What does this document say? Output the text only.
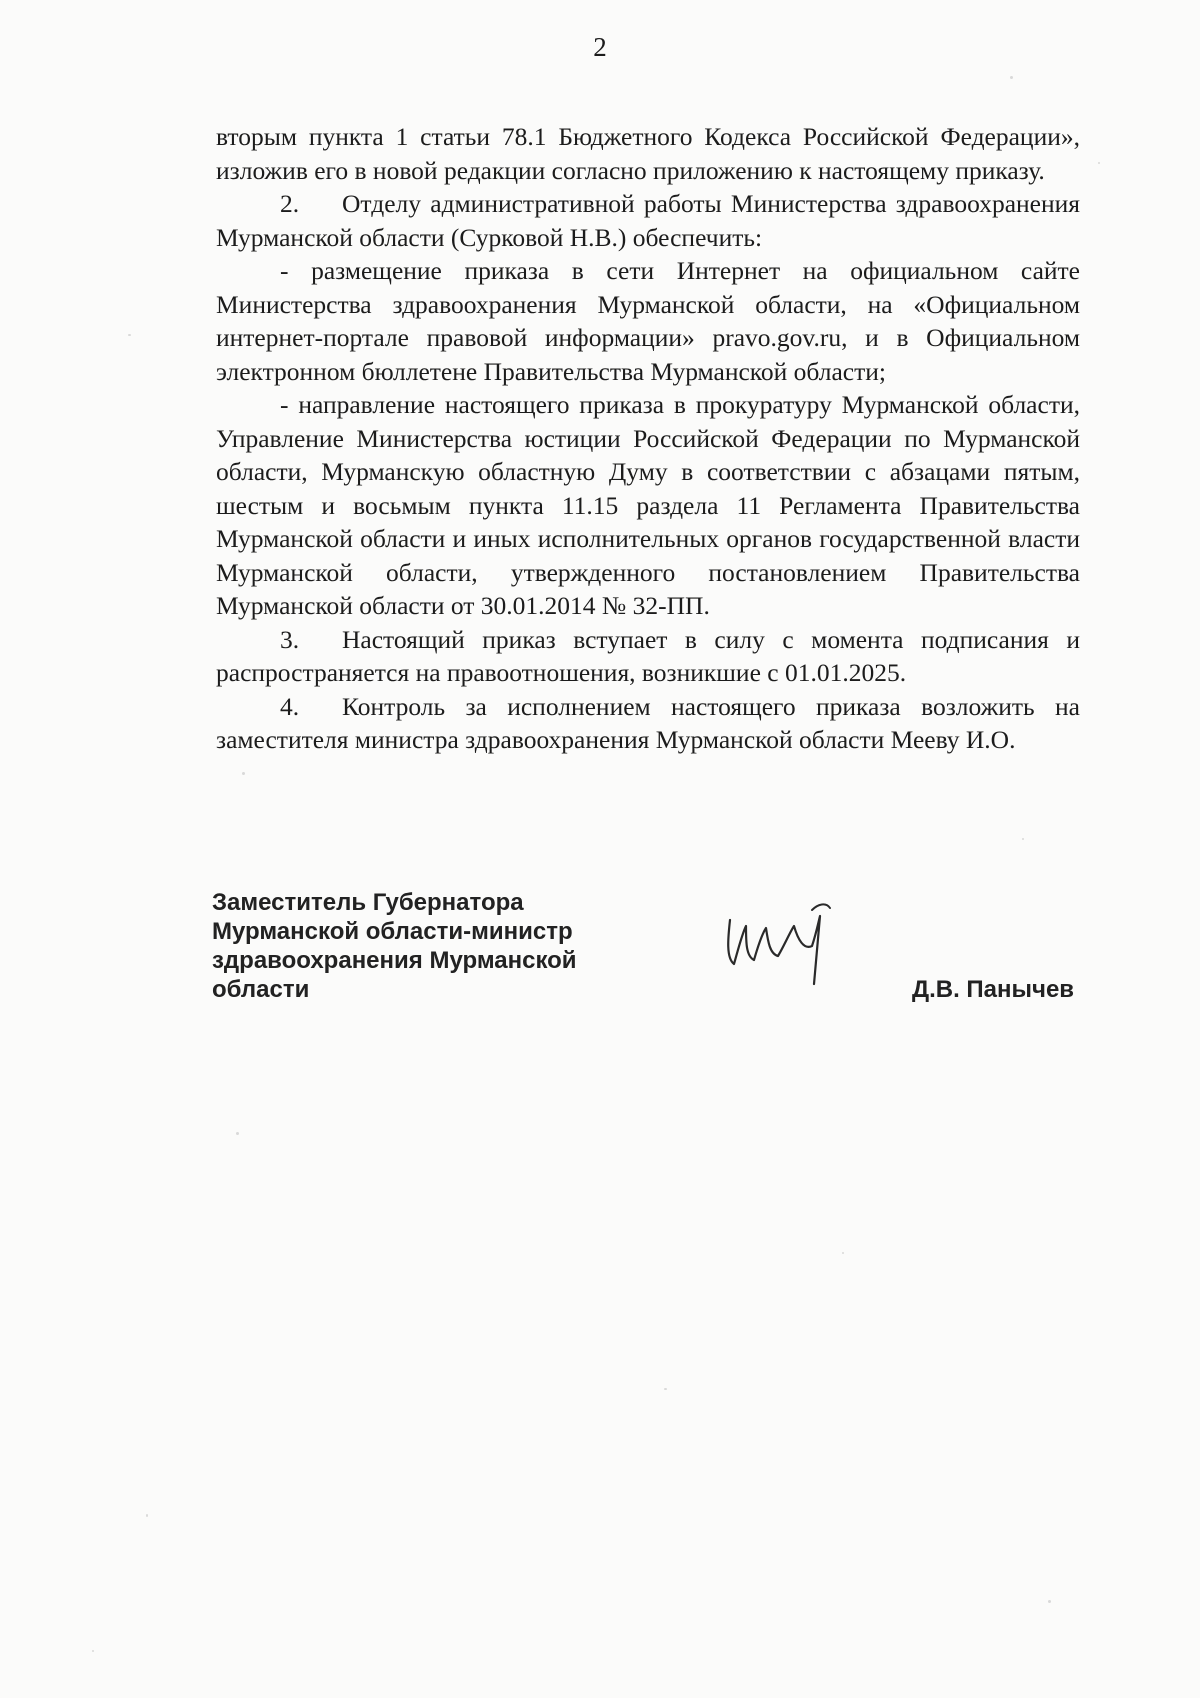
2

вторым пункта 1 статьи 78.1 Бюджетного Кодекса Российской Федерации», изложив его в новой редакции согласно приложению к настоящему приказу.

2. Отделу административной работы Министерства здравоохранения Мурманской области (Сурковой Н.В.) обеспечить:

- размещение приказа в сети Интернет на официальном сайте Министерства здравоохранения Мурманской области, на «Официальном интернет-портале правовой информации» pravo.gov.ru, и в Официальном электронном бюллетене Правительства Мурманской области;

- направление настоящего приказа в прокуратуру Мурманской области, Управление Министерства юстиции Российской Федерации по Мурманской области, Мурманскую областную Думу в соответствии с абзацами пятым, шестым и восьмым пункта 11.15 раздела 11 Регламента Правительства Мурманской области и иных исполнительных органов государственной власти Мурманской области, утвержденного постановлением Правительства Мурманской области от 30.01.2014 № 32-ПП.

3. Настоящий приказ вступает в силу с момента подписания и распространяется на правоотношения, возникшие с 01.01.2025.

4. Контроль за исполнением настоящего приказа возложить на заместителя министра здравоохранения Мурманской области Мееву И.О.

Заместитель Губернатора
Мурманской области-министр
здравоохранения Мурманской
области	Д.В. Панычев
